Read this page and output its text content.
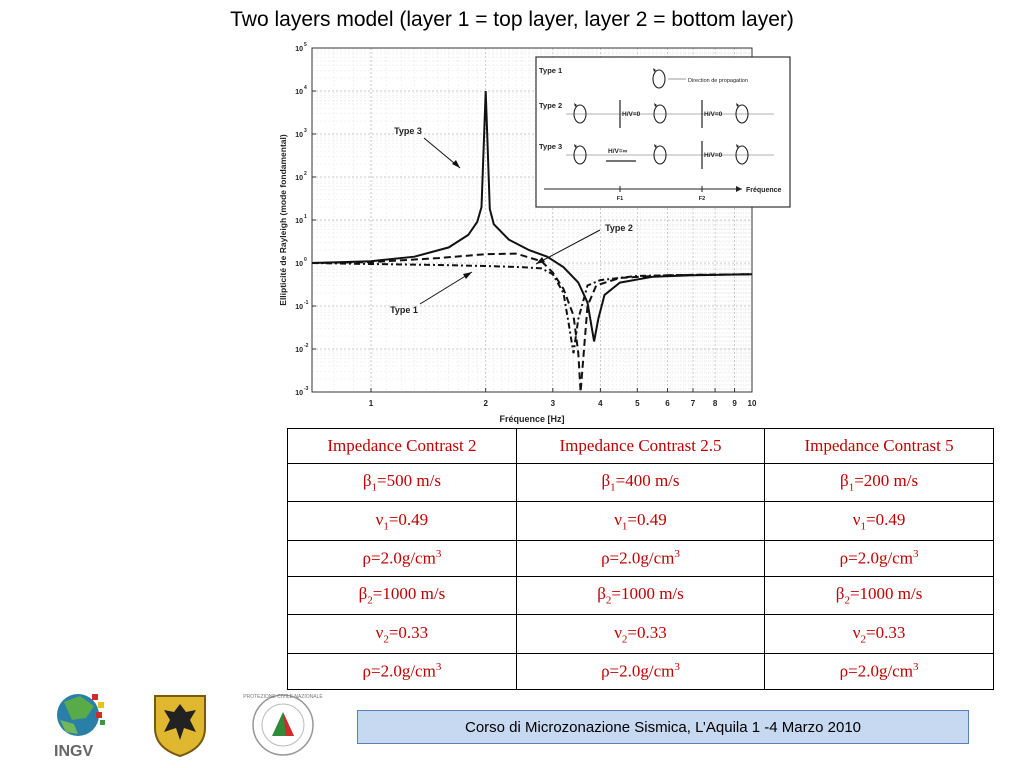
Two layers model (layer 1 = top layer, layer 2 = bottom layer)
1	2	3	4	5	6	7 8 9 10
10
-3
10
-2
10
-1
10
0
10
1
10
2
10
3
10
4
10
5
Fréquence [Hz]
Ellipticité de Rayleigh (mode fondamental)
Type 3
Type 2
Type 1
Type 1
Type 2
Type 3
Direction de propagation
H/V=0	H/V=0
H/V=∞
H/V=0
F1	F2
Fréquence
Impedance Contrast 2	Impedance Contrast 2.5	Impedance Contrast 5
$\beta_1=500$ m/s	$\beta_1=400$ m/s	$\beta_1=200$ m/s
$\nu_1=0.49$	$\nu_1=0.49$	$\nu_1=0.49$
$\rho=2.0g/cm^3$	$\rho=2.0g/cm^3$	$\rho=2.0g/cm^3$
$\beta_2=1000$ m/s	$\beta_2=1000$ m/s	$\beta_2=1000$ m/s
$\nu_2=0.33$	$\nu_2=0.33$	$\nu_2=0.33$
$\rho=2.0g/cm^3$	$\rho=2.0g/cm^3$	$\rho=2.0g/cm^3$
INGV
PROTEZIONE CIVILE NAZIONALE
Corso di Microzonazione Sismica, L’Aquila 1 -4 Marzo 2010
